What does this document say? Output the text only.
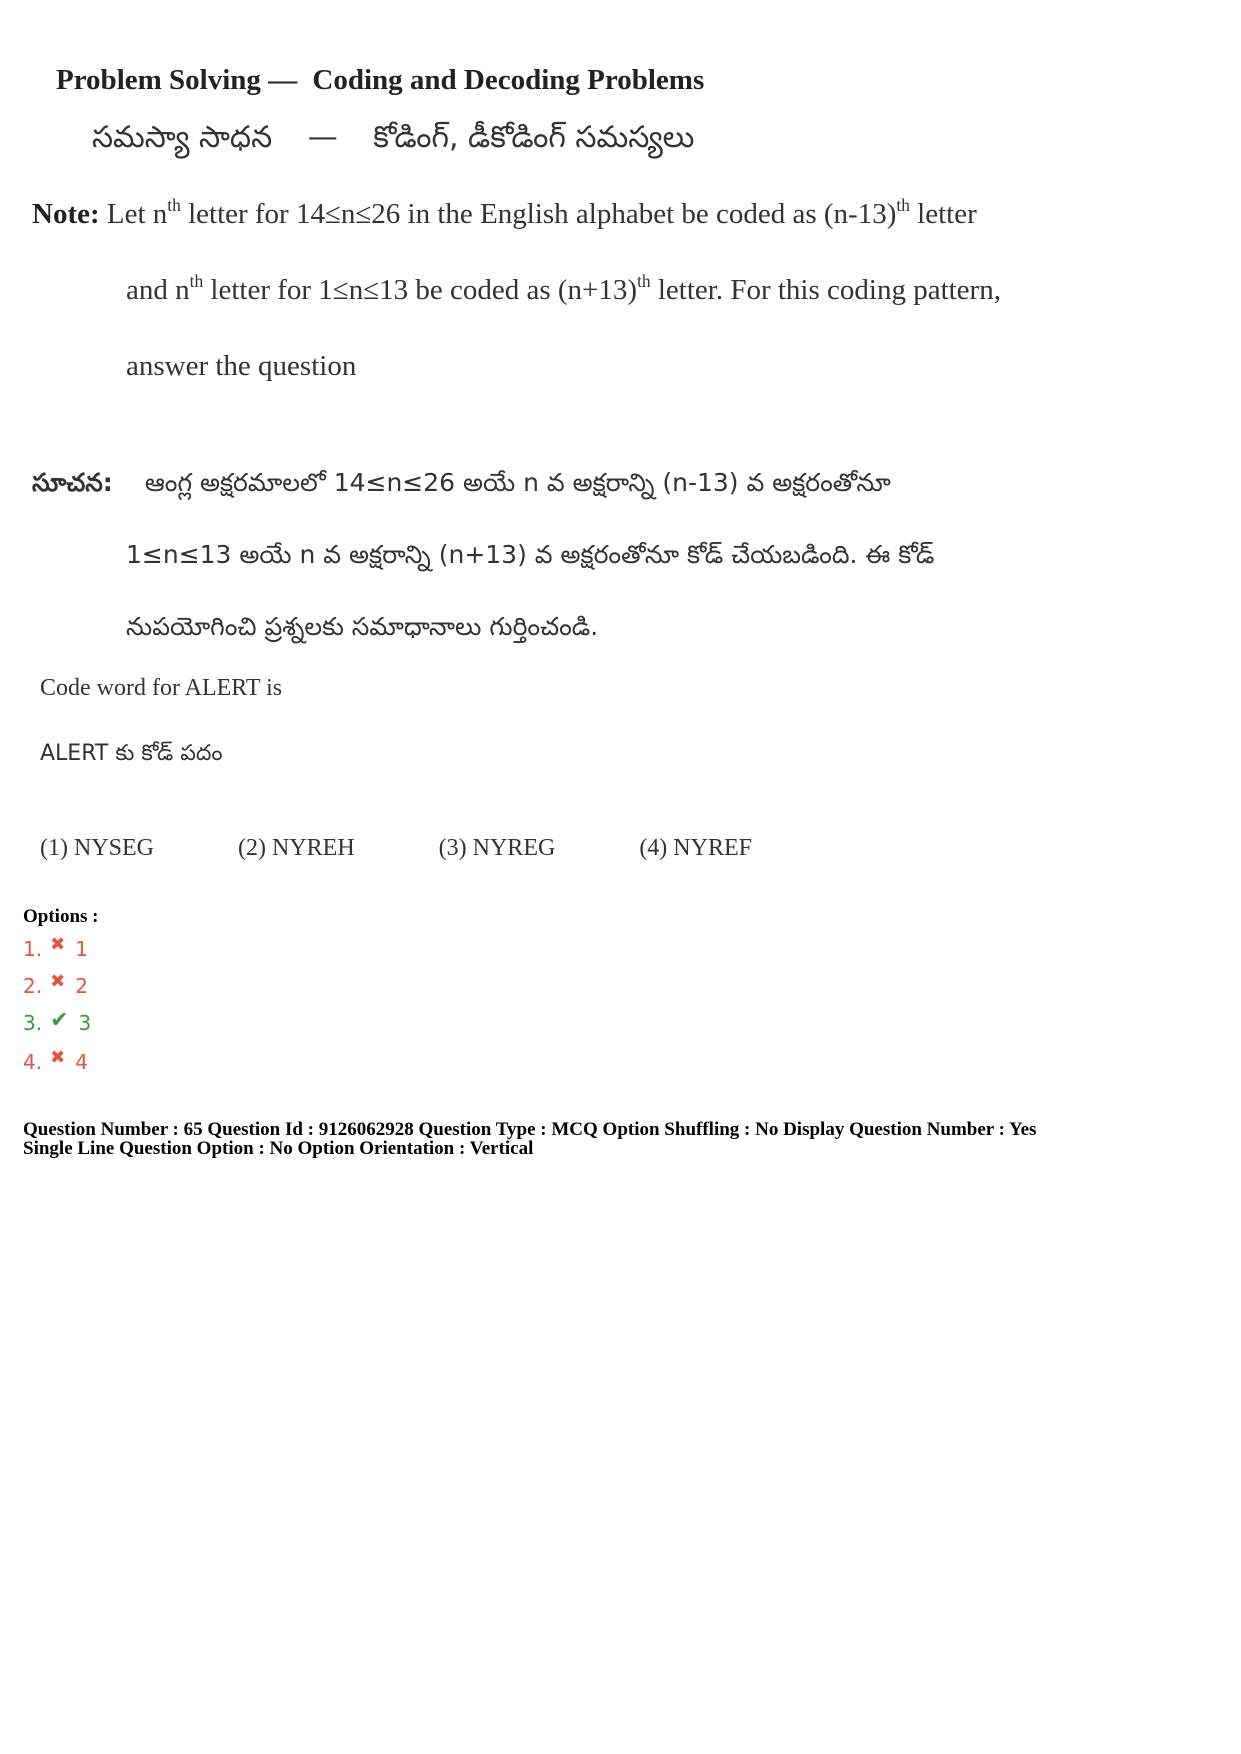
Problem Solving — Coding and Decoding Problems
సమస్యా సాధన — కోడింగ్, డీకోడింగ్ సమస్యలు
Note: Let $n^{th}$ letter for 14≤n≤26 in the English alphabet be coded as $(n-13)^{th}$ letter
and $n^{th}$ letter for 1≤n≤13 be coded as $(n+13)^{th}$ letter. For this coding pattern,
answer the question
సూచన: ఆంగ్ల అక్షరమాలలో 14≤n≤26 అయే n వ అక్షరాన్ని (n-13) వ అక్షరంతోనూ
1≤n≤13 అయే n వ అక్షరాన్ని (n+13) వ అక్షరంతోనూ కోడ్ చేయబడింది. ఈ కోడ్
నుపయోగించి ప్రశ్నలకు సమాధానాలు గుర్తించండి.
Code word for ALERT is
ALERT కు కోడ్ పదం
(1) NYSEG	(2) NYREH	(3) NYREG	(4) NYREF
Options :
1. ✖ 1
2. ✖ 2
3. ✔ 3
4. ✖ 4
Question Number : 65 Question Id : 9126062928 Question Type : MCQ Option Shuffling : No Display Question Number : Yes
Single Line Question Option : No Option Orientation : Vertical
